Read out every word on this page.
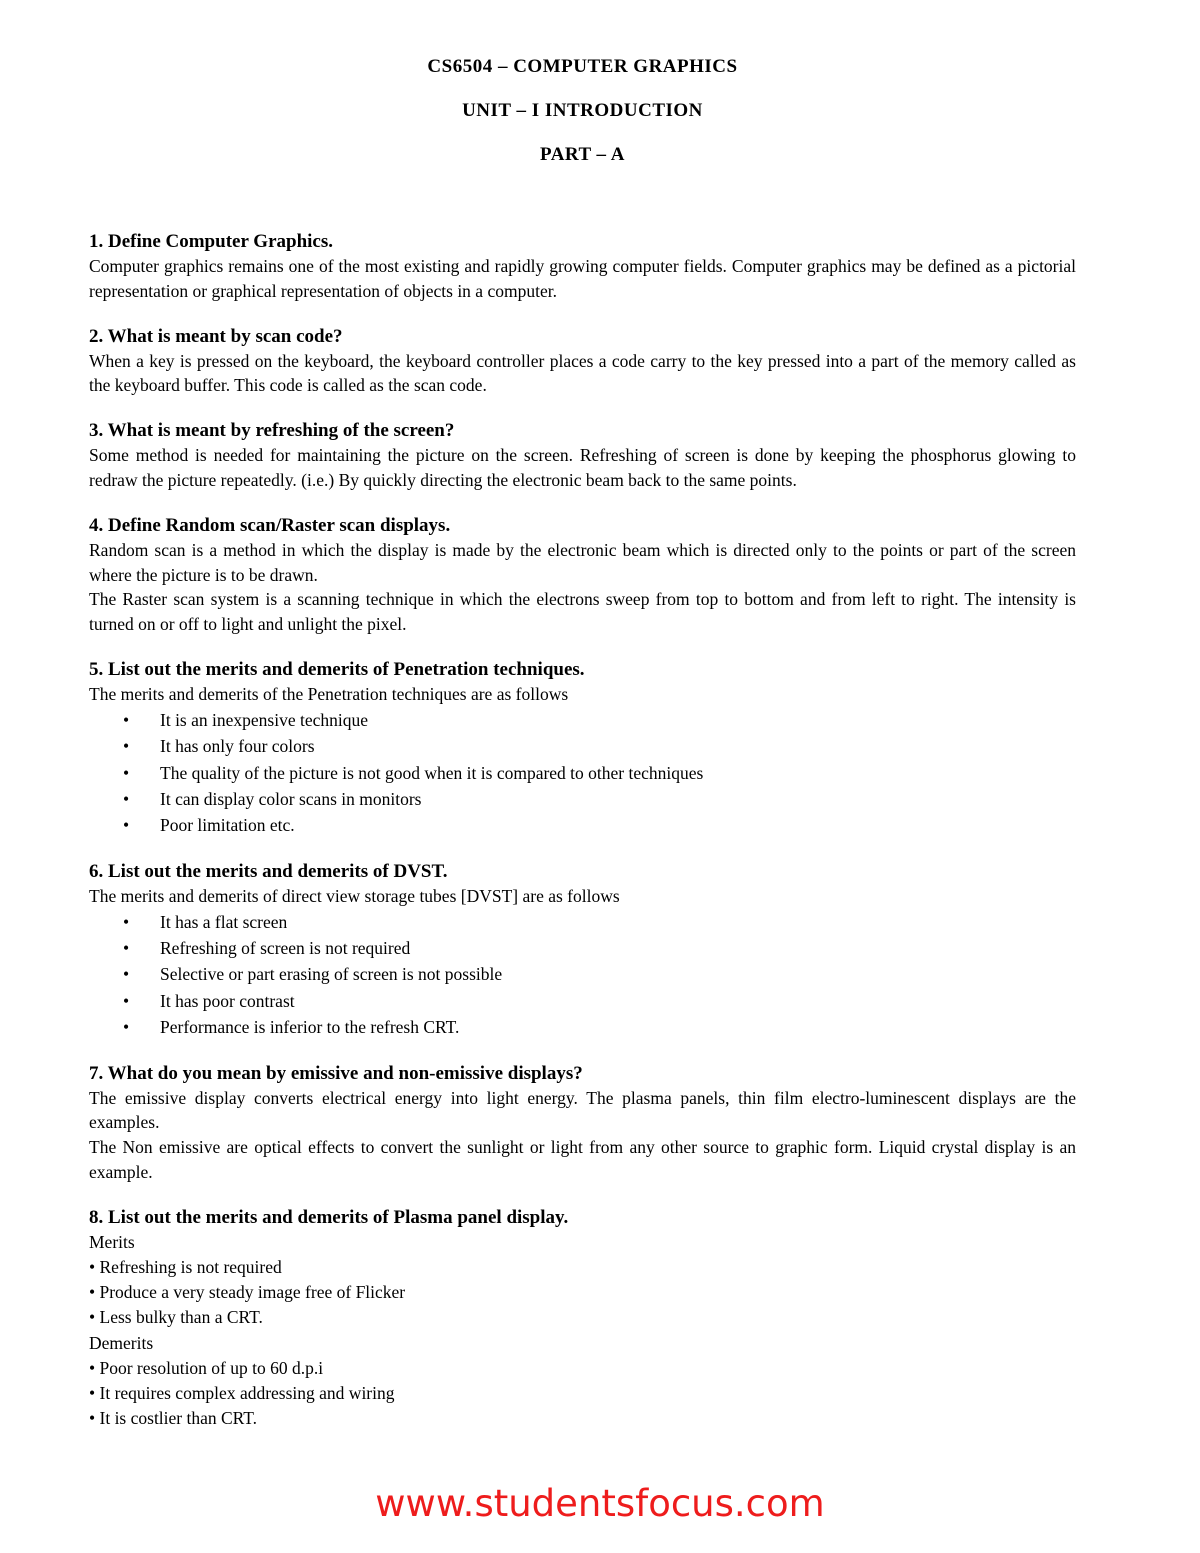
CS6504 – COMPUTER GRAPHICS
UNIT – I INTRODUCTION
PART – A
1. Define Computer Graphics.
Computer graphics remains one of the most existing and rapidly growing computer fields. Computer graphics may be defined as a pictorial representation or graphical representation of objects in a computer.
2. What is meant by scan code?
When a key is pressed on the keyboard, the keyboard controller places a code carry to the key pressed into a part of the memory called as the keyboard buffer. This code is called as the scan code.
3. What is meant by refreshing of the screen?
Some method is needed for maintaining the picture on the screen. Refreshing of screen is done by keeping the phosphorus glowing to redraw the picture repeatedly. (i.e.) By quickly directing the electronic beam back to the same points.
4. Define Random scan/Raster scan displays.
Random scan is a method in which the display is made by the electronic beam which is directed only to the points or part of the screen where the picture is to be drawn.
The Raster scan system is a scanning technique in which the electrons sweep from top to bottom and from left to right. The intensity is turned on or off to light and unlight the pixel.
5. List out the merits and demerits of Penetration techniques.
The merits and demerits of the Penetration techniques are as follows
• It is an inexpensive technique
• It has only four colors
• The quality of the picture is not good when it is compared to other techniques
• It can display color scans in monitors
• Poor limitation etc.
6. List out the merits and demerits of DVST.
The merits and demerits of direct view storage tubes [DVST] are as follows
• It has a flat screen
• Refreshing of screen is not required
• Selective or part erasing of screen is not possible
• It has poor contrast
• Performance is inferior to the refresh CRT.
7. What do you mean by emissive and non-emissive displays?
The emissive display converts electrical energy into light energy. The plasma panels, thin film electro-luminescent displays are the examples.
The Non emissive are optical effects to convert the sunlight or light from any other source to graphic form. Liquid crystal display is an example.
8. List out the merits and demerits of Plasma panel display.
Merits
• Refreshing is not required
• Produce a very steady image free of Flicker
• Less bulky than a CRT.
Demerits
• Poor resolution of up to 60 d.p.i
• It requires complex addressing and wiring
• It is costlier than CRT.
www.studentsfocus.com
